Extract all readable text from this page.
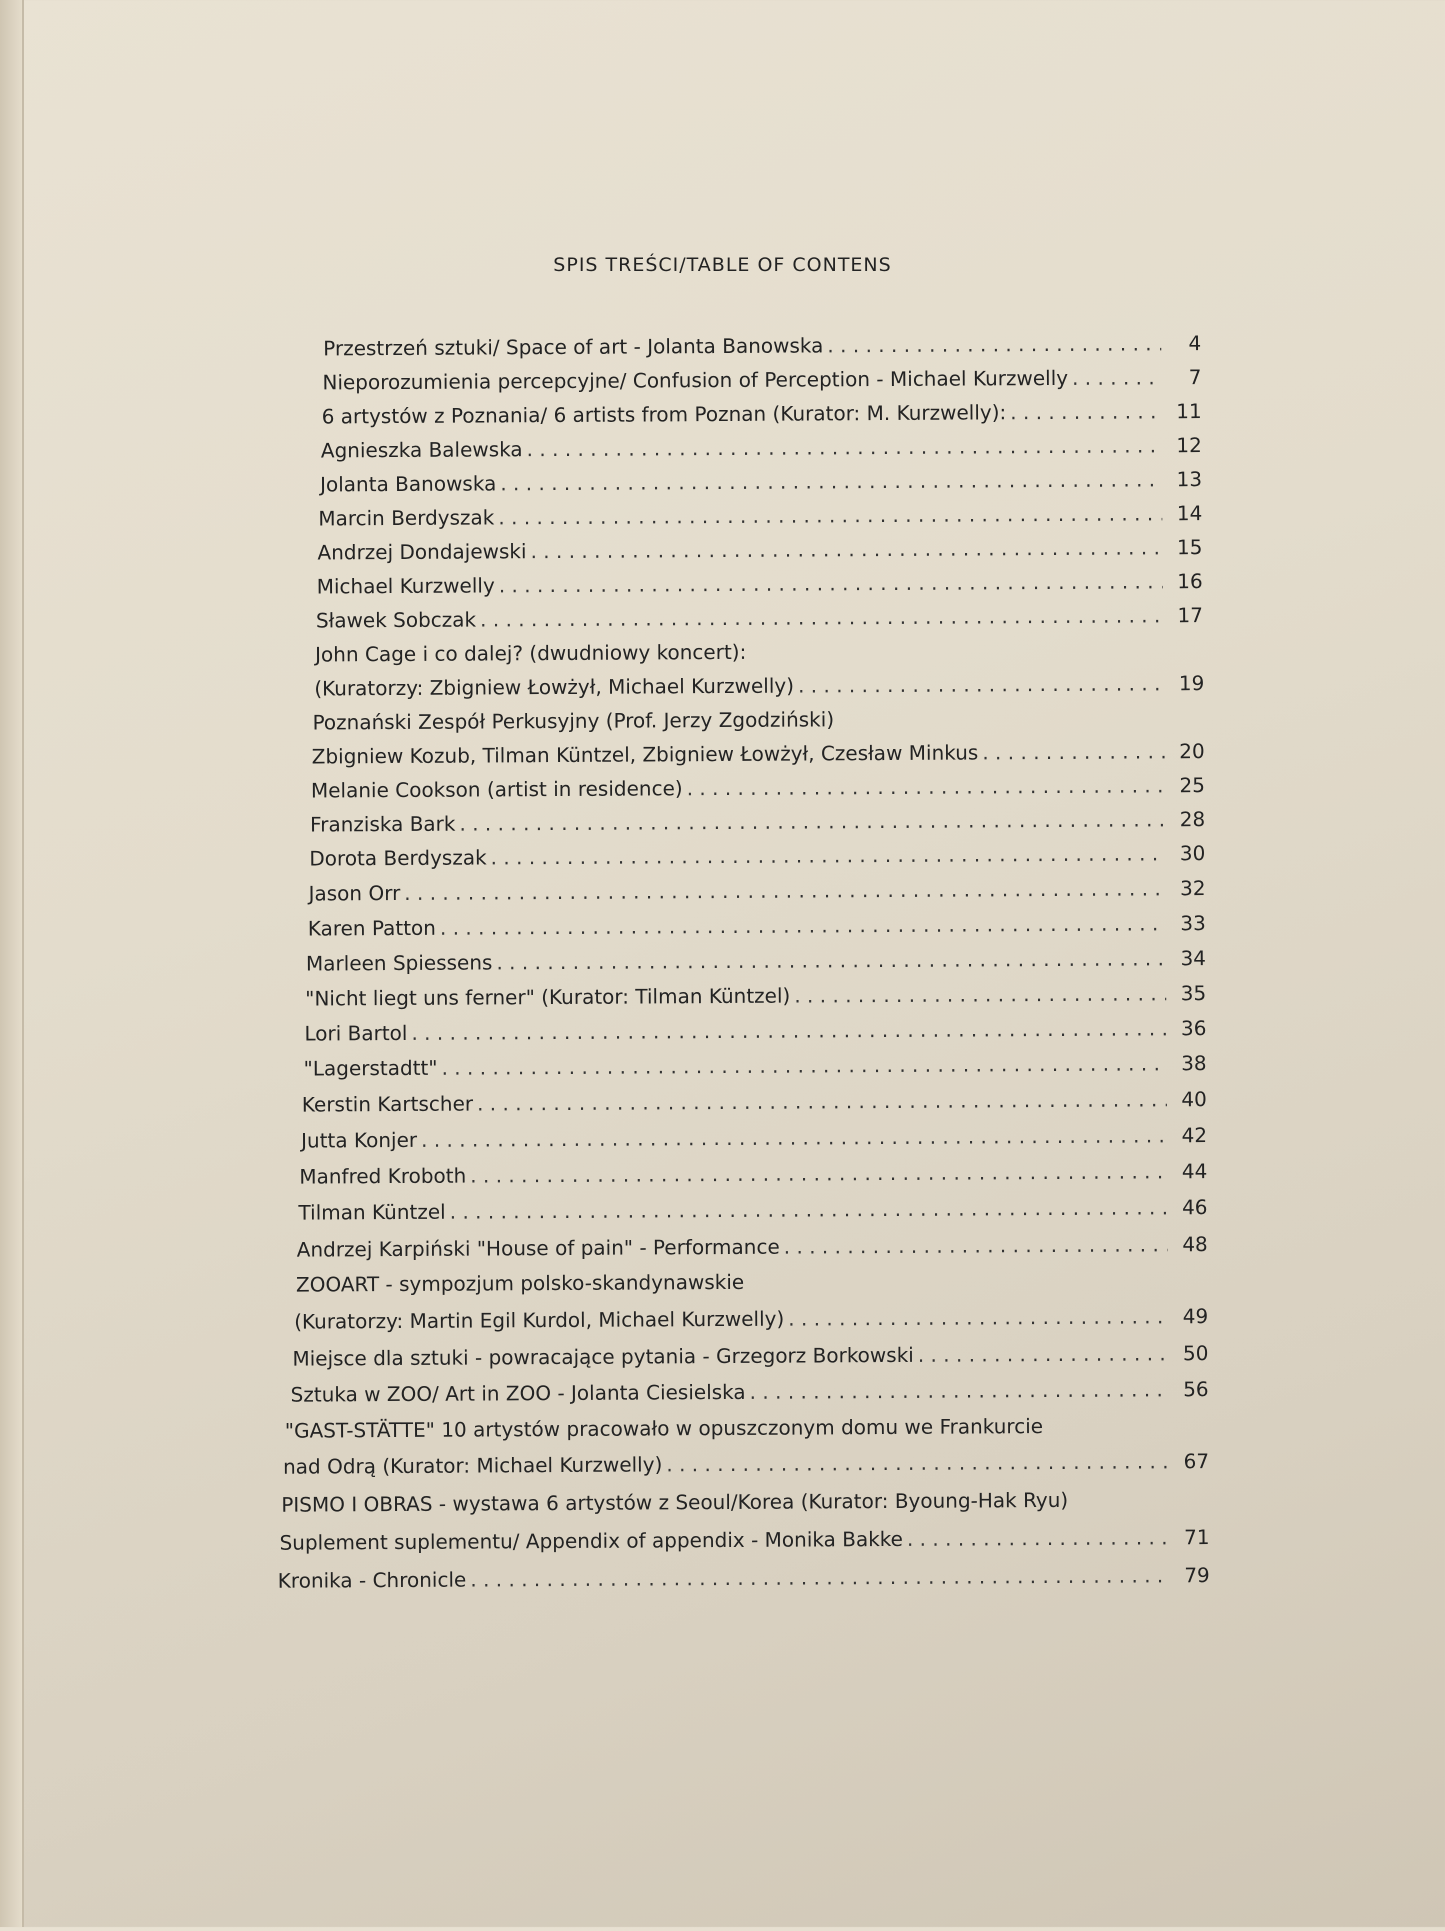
SPIS TREŚCI/TABLE OF CONTENS
Przestrzeń sztuki/ Space of art - Jolanta Banowska . . .	4
Nieporozumienia percepcyjne/ Confusion of Perception - Michael Kurzwelly . . .	7
6 artystów z Poznania/ 6 artists from Poznan (Kurator: M. Kurzwelly): . . .	11
Agnieszka Balewska . . .	12
Jolanta Banowska . . .	13
Marcin Berdyszak . . .	14
Andrzej Dondajewski . . .	15
Michael Kurzwelly . . .	16
Sławek Sobczak . . .	17
John Cage i co dalej? (dwudniowy koncert):
(Kuratorzy: Zbigniew Łowżył, Michael Kurzwelly) . . .	19
Poznański Zespół Perkusyjny (Prof. Jerzy Zgodziński)
Zbigniew Kozub, Tilman Küntzel, Zbigniew Łowżył, Czesław Minkus . . .	20
Melanie Cookson (artist in residence) . . .	25
Franziska Bark . . .	28
Dorota Berdyszak . . .	30
Jason Orr . . .	32
Karen Patton . . .	33
Marleen Spiessens . . .	34
"Nicht liegt uns ferner" (Kurator: Tilman Küntzel) . . .	35
Lori Bartol . . .	36
"Lagerstadtt" . . .	38
Kerstin Kartscher . . .	40
Jutta Konjer . . .	42
Manfred Kroboth . . .	44
Tilman Küntzel . . .	46
Andrzej Karpiński "House of pain" - Performance . . .	48
ZOOART - sympozjum polsko-skandynawskie
(Kuratorzy: Martin Egil Kurdol, Michael Kurzwelly) . . .	49
Miejsce dla sztuki - powracające pytania - Grzegorz Borkowski . . .	50
Sztuka w ZOO/ Art in ZOO - Jolanta Ciesielska . . .	56
"GAST-STÄTTE" 10 artystów pracowało w opuszczonym domu we Frankurcie
nad Odrą (Kurator: Michael Kurzwelly) . . .	67
PISMO I OBRAS - wystawa 6 artystów z Seoul/Korea (Kurator: Byoung-Hak Ryu)
Suplement suplementu/ Appendix of appendix - Monika Bakke . . .	71
Kronika - Chronicle . . .	79
